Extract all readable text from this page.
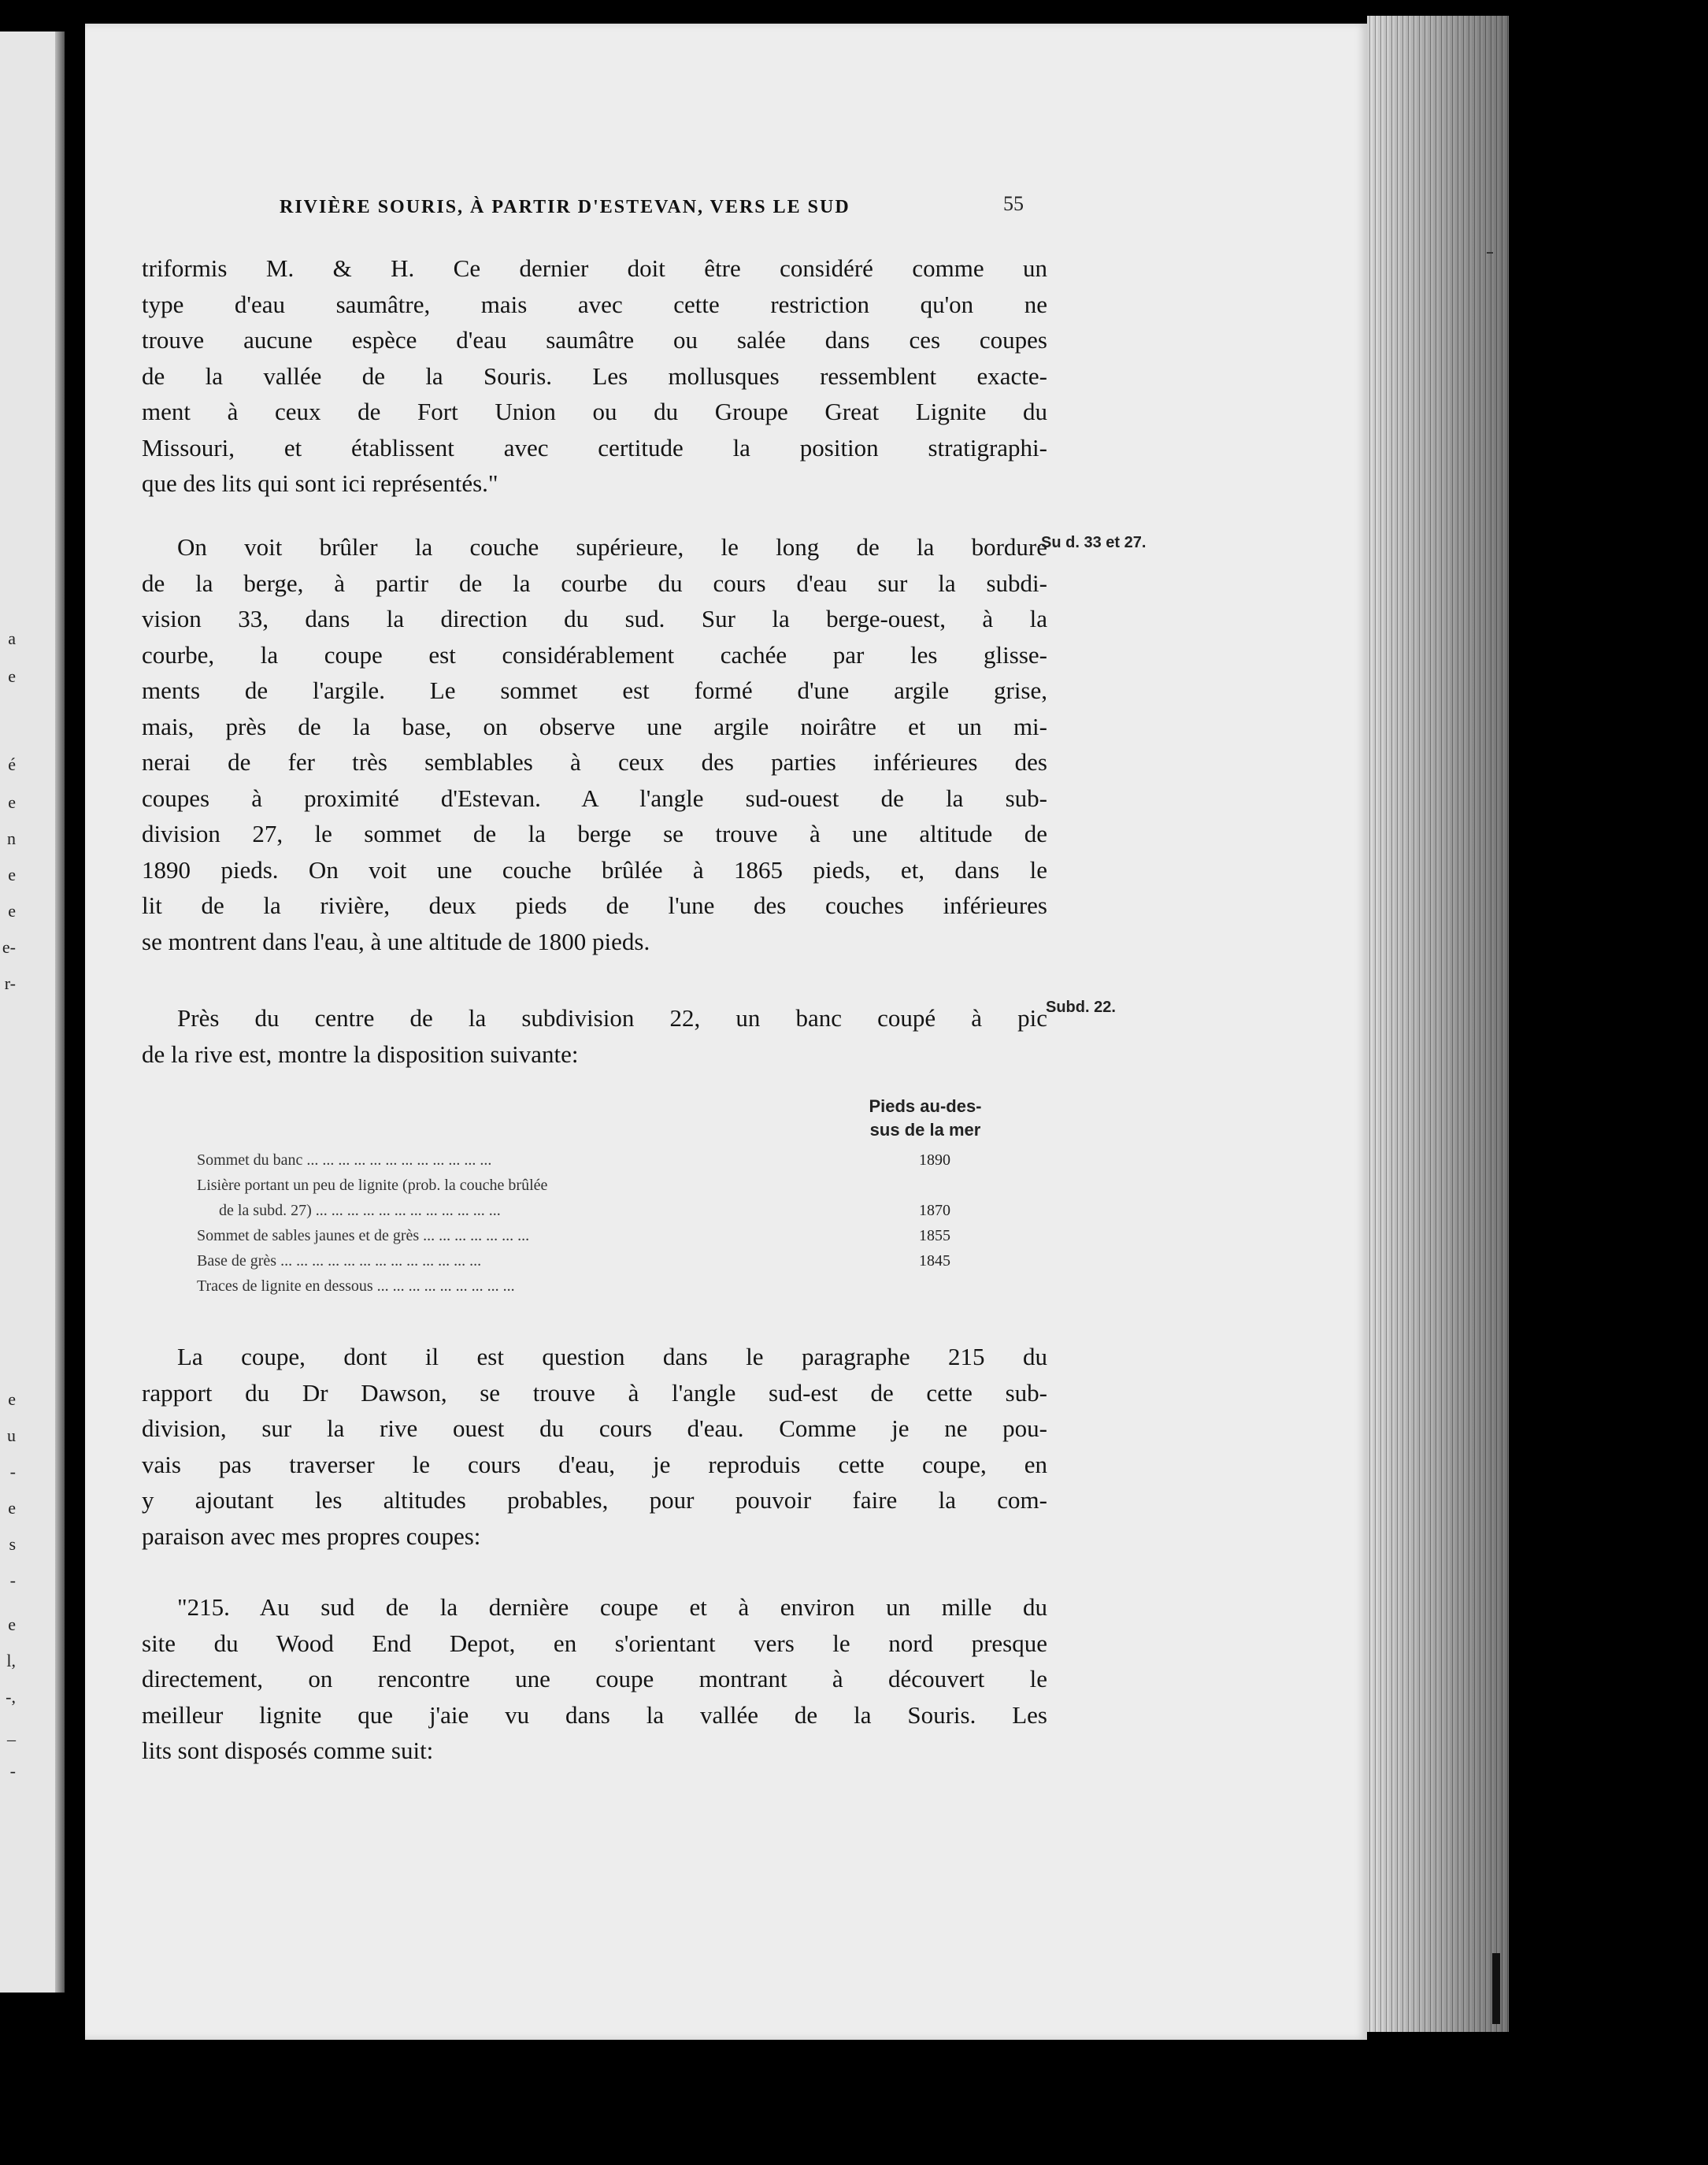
a
e
é
e
n
e
e
e-
r-
e
u
-
e
s
-
e
l,
-,
_
-
RIVIÈRE SOURIS, À PARTIR D'ESTEVAN, VERS LE SUD	55
triformis M. & H. Ce dernier doit être considéré comme un
type d'eau saumâtre, mais avec cette restriction qu'on ne
trouve aucune espèce d'eau saumâtre ou salée dans ces coupes
de la vallée de la Souris. Les mollusques ressemblent exacte-
ment à ceux de Fort Union ou du Groupe Great Lignite du
Missouri, et établissent avec certitude la position stratigraphi-
que des lits qui sont ici représentés."
On voit brûler la couche supérieure, le long de la bordure
de la berge, à partir de la courbe du cours d'eau sur la subdi-
vision 33, dans la direction du sud. Sur la berge-ouest, à la
courbe, la coupe est considérablement cachée par les glisse-
ments de l'argile. Le sommet est formé d'une argile grise,
mais, près de la base, on observe une argile noirâtre et un mi-
nerai de fer très semblables à ceux des parties inférieures des
coupes à proximité d'Estevan. A l'angle sud-ouest de la sub-
division 27, le sommet de la berge se trouve à une altitude de
1890 pieds. On voit une couche brûlée à 1865 pieds, et, dans le
lit de la rivière, deux pieds de l'une des couches inférieures
se montrent dans l'eau, à une altitude de 1800 pieds.
Su d. 33 et 27.
Près du centre de la subdivision 22, un banc coupé à pic
de la rive est, montre la disposition suivante:
Subd. 22.
Pieds au-des-
sus de la mer
Sommet du banc ... ... ... ... ... ... ... ... ... ... ... ...	1890
Lisière portant un peu de lignite (prob. la couche brûlée
de la subd. 27) ... ... ... ... ... ... ... ... ... ... ... ...	1870
Sommet de sables jaunes et de grès ... ... ... ... ... ... ...	1855
Base de grès ... ... ... ... ... ... ... ... ... ... ... ... ...	1845
Traces de lignite en dessous ... ... ... ... ... ... ... ... ...
La coupe, dont il est question dans le paragraphe 215 du
rapport du Dr Dawson, se trouve à l'angle sud-est de cette sub-
division, sur la rive ouest du cours d'eau. Comme je ne pou-
vais pas traverser le cours d'eau, je reproduis cette coupe, en
y ajoutant les altitudes probables, pour pouvoir faire la com-
paraison avec mes propres coupes:
"215. Au sud de la dernière coupe et à environ un mille du
site du Wood End Depot, en s'orientant vers le nord presque
directement, on rencontre une coupe montrant à découvert le
meilleur lignite que j'aie vu dans la vallée de la Souris. Les
lits sont disposés comme suit:
